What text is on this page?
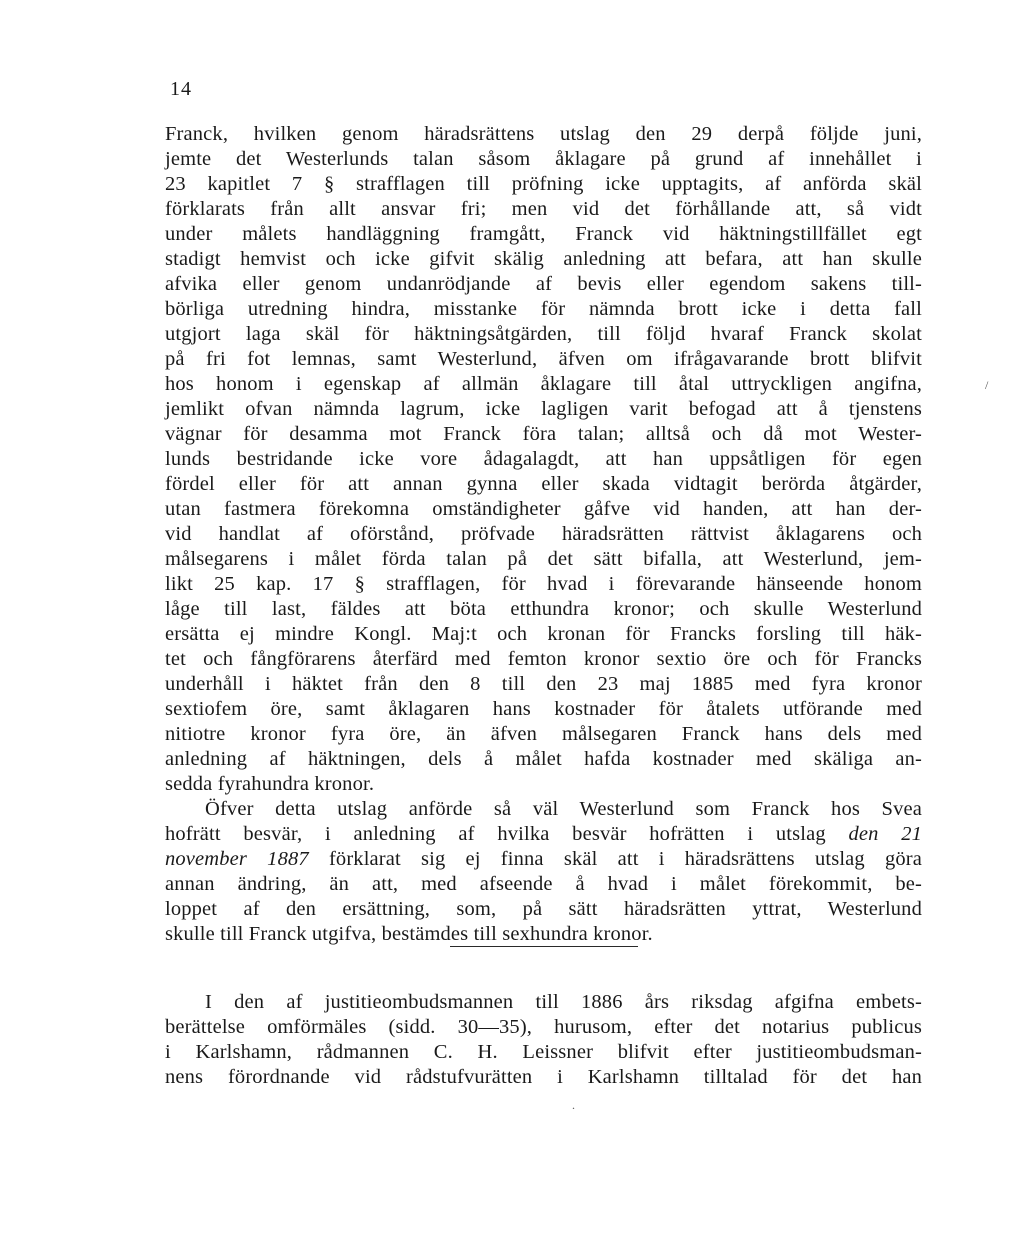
14
Franck, hvilken genom häradsrättens utslag den 29 derpå följde juni,
jemte det Westerlunds talan såsom åklagare på grund af innehållet i
23 kapitlet 7 § strafflagen till pröfning icke upptagits, af anförda skäl
förklarats från allt ansvar fri; men vid det förhållande att, så vidt
under målets handläggning framgått, Franck vid häktningstillfället egt
stadigt hemvist och icke gifvit skälig anledning att befara, att han skulle
afvika eller genom undanrödjande af bevis eller egendom sakens till-
börliga utredning hindra, misstanke för nämnda brott icke i detta fall
utgjort laga skäl för häktningsåtgärden, till följd hvaraf Franck skolat
på fri fot lemnas, samt Westerlund, äfven om ifrågavarande brott blifvit
hos honom i egenskap af allmän åklagare till åtal uttryckligen angifna,
jemlikt ofvan nämnda lagrum, icke lagligen varit befogad att å tjenstens
vägnar för desamma mot Franck föra talan; alltså och då mot Wester-
lunds bestridande icke vore ådagalagdt, att han uppsåtligen för egen
fördel eller för att annan gynna eller skada vidtagit berörda åtgärder,
utan fastmera förekomna omständigheter gåfve vid handen, att han der-
vid handlat af oförstånd, pröfvade häradsrätten rättvist åklagarens och
målsegarens i målet förda talan på det sätt bifalla, att Westerlund, jem-
likt 25 kap. 17 § strafflagen, för hvad i förevarande hänseende honom
låge till last, fäldes att böta etthundra kronor; och skulle Westerlund
ersätta ej mindre Kongl. Maj:t och kronan för Francks forsling till häk-
tet och fångförarens återfärd med femton kronor sextio öre och för Francks
underhåll i häktet från den 8 till den 23 maj 1885 med fyra kronor
sextiofem öre, samt åklagaren hans kostnader för åtalets utförande med
nitiotre kronor fyra öre, än äfven målsegaren Franck hans dels med
anledning af häktningen, dels å målet hafda kostnader med skäliga an-
sedda fyrahundra kronor.
Öfver detta utslag anförde så väl Westerlund som Franck hos Svea
hofrätt besvär, i anledning af hvilka besvär hofrätten i utslag den 21
november 1887 förklarat sig ej finna skäl att i häradsrättens utslag göra
annan ändring, än att, med afseende å hvad i målet förekommit, be-
loppet af den ersättning, som, på sätt häradsrätten yttrat, Westerlund
skulle till Franck utgifva, bestämdes till sexhundra kronor.
I den af justitieombudsmannen till 1886 års riksdag afgifna embets-
berättelse omförmäles (sidd. 30—35), hurusom, efter det notarius publicus
i Karlshamn, rådmannen C. H. Leissner blifvit efter justitieombudsman-
nens förordnande vid rådstufvurätten i Karlshamn tilltalad för det han
/
.
